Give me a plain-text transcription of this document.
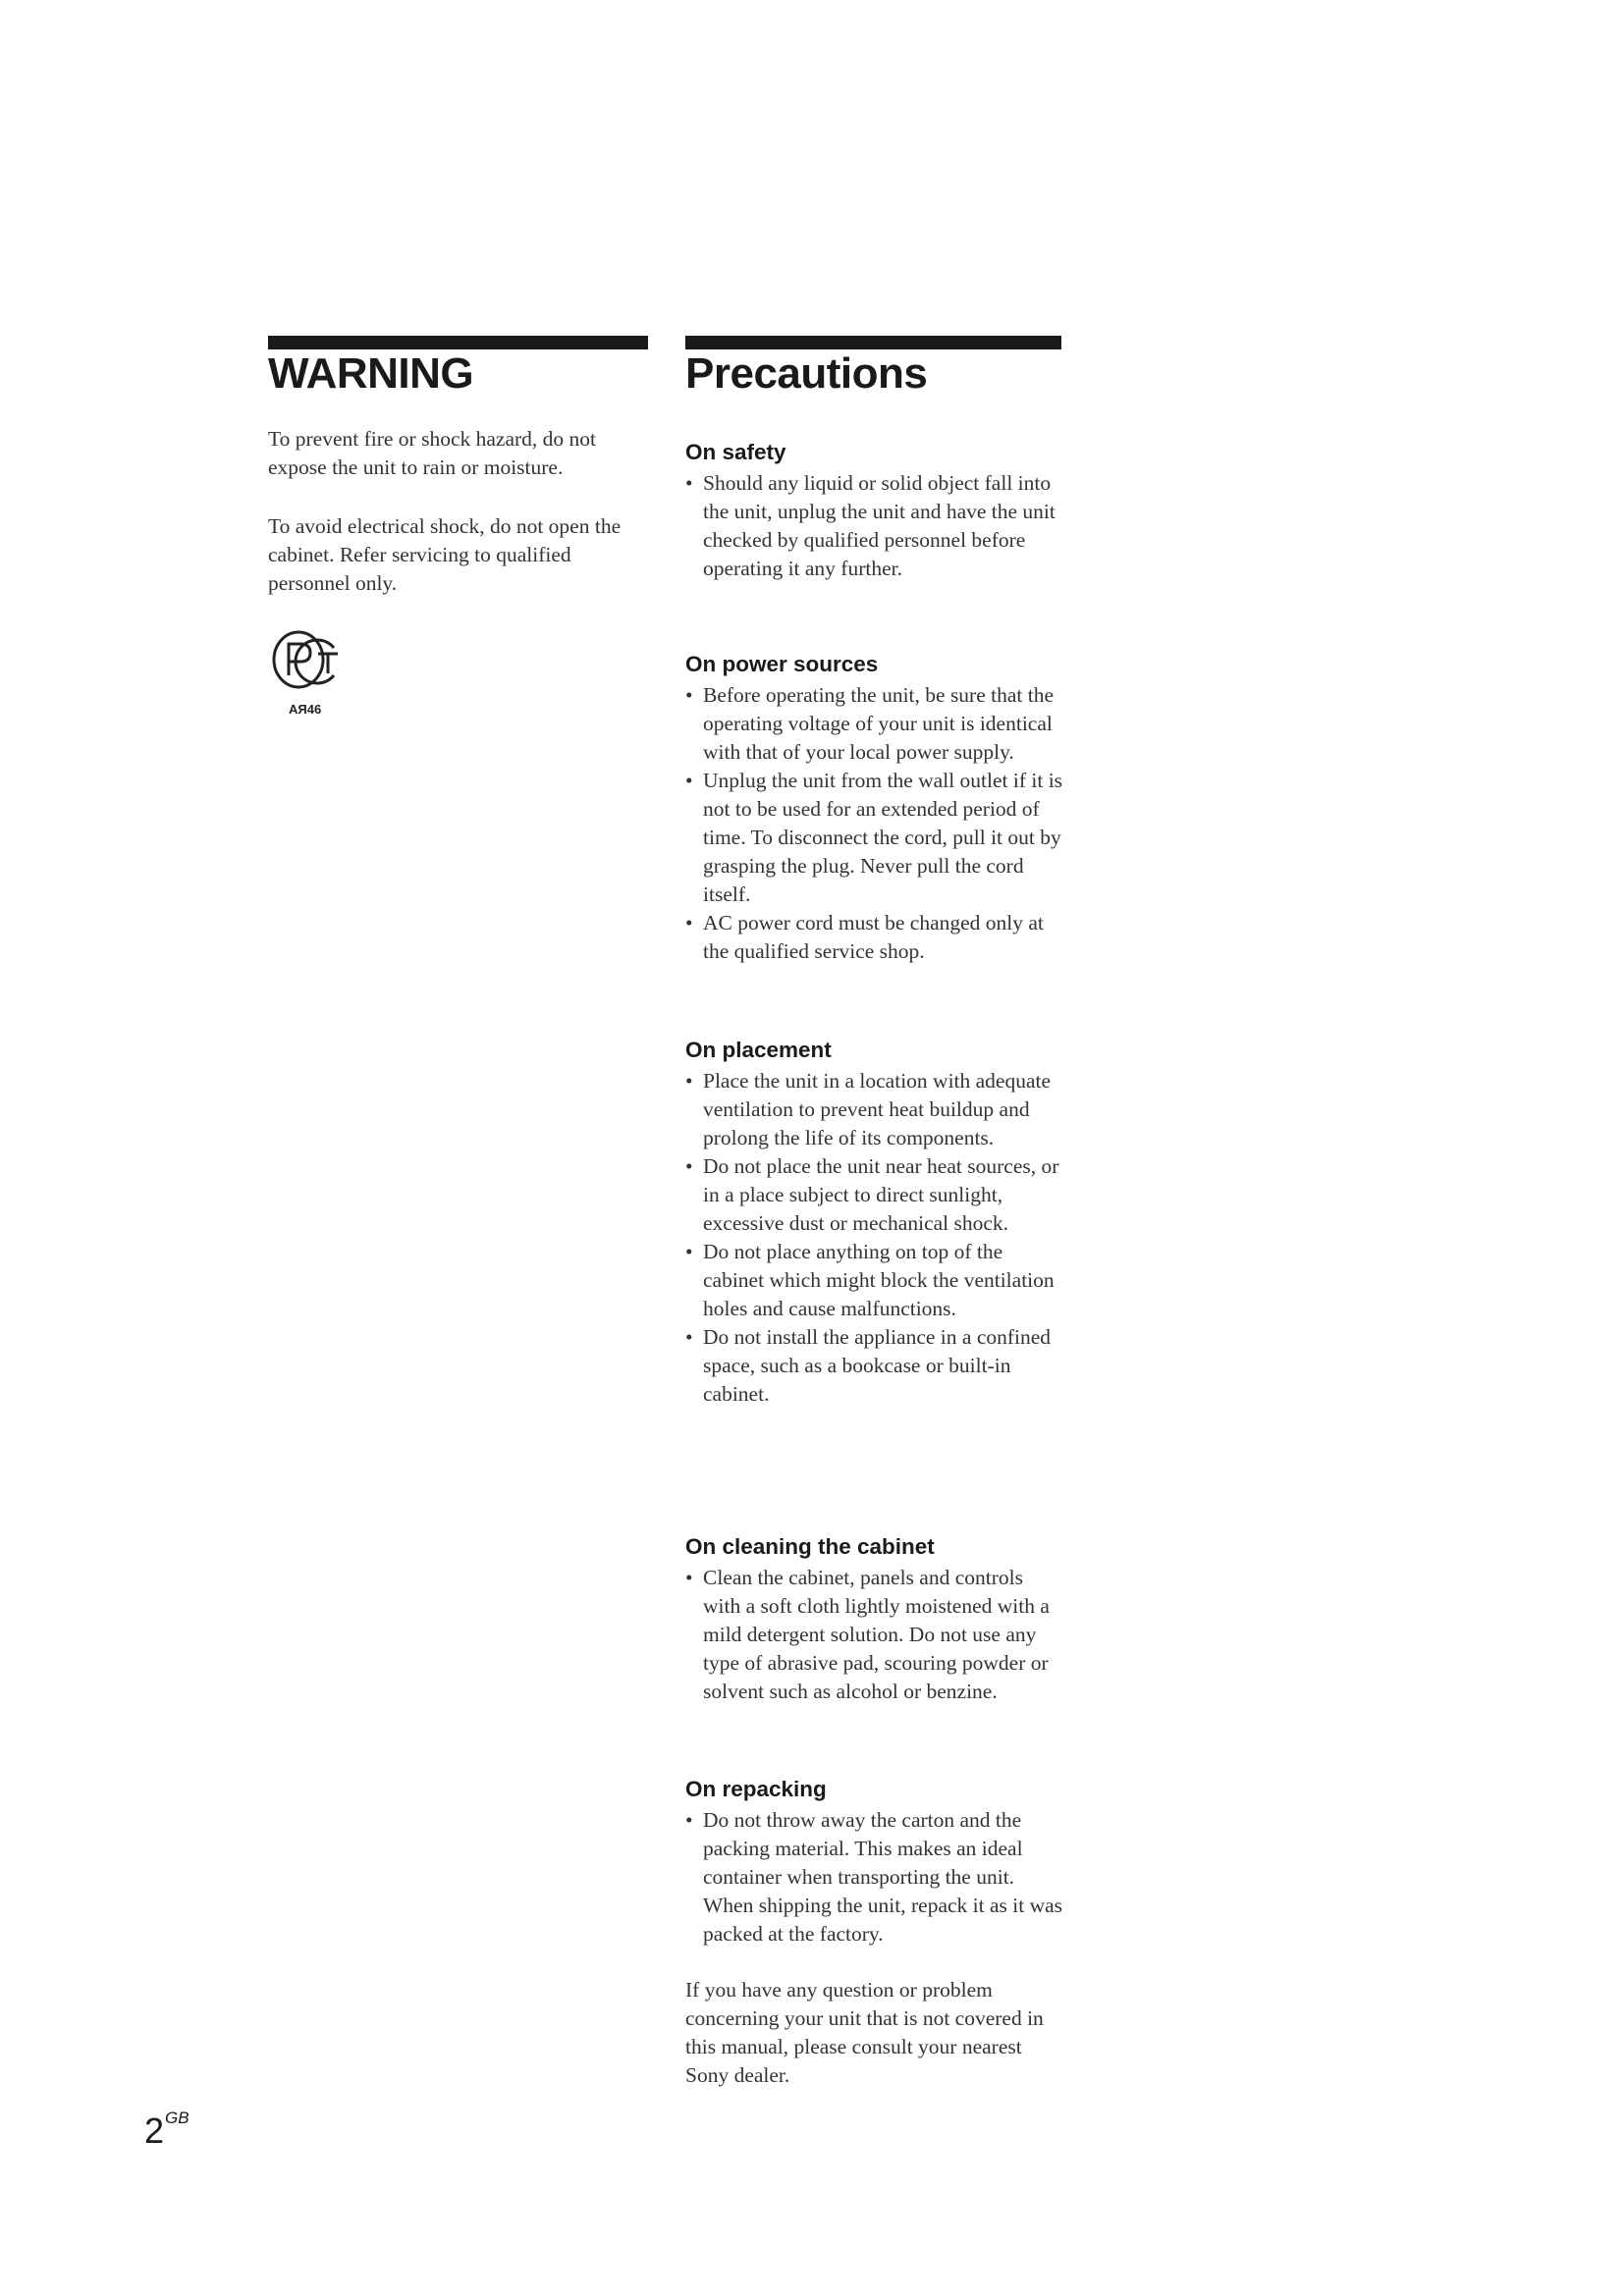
WARNING

To prevent fire or shock hazard, do not expose the unit to rain or moisture.

To avoid electrical shock, do not open the cabinet. Refer servicing to qualified personnel only.

АЯ46
Precautions
On safety
• Should any liquid or solid object fall into the unit, unplug the unit and have the unit checked by qualified personnel before operating it any further.
On power sources
• Before operating the unit, be sure that the operating voltage of your unit is identical with that of your local power supply.
• Unplug the unit from the wall outlet if it is not to be used for an extended period of time. To disconnect the cord, pull it out by grasping the plug. Never pull the cord itself.
• AC power cord must be changed only at the qualified service shop.
On placement
• Place the unit in a location with adequate ventilation to prevent heat buildup and prolong the life of its components.
• Do not place the unit near heat sources, or in a place subject to direct sunlight, excessive dust or mechanical shock.
• Do not place anything on top of the cabinet which might block the ventilation holes and cause malfunctions.
• Do not install the appliance in a confined space, such as a bookcase or built-in cabinet.
On cleaning the cabinet
• Clean the cabinet, panels and controls with a soft cloth lightly moistened with a mild detergent solution. Do not use any type of abrasive pad, scouring powder or solvent such as alcohol or benzine.
On repacking
• Do not throw away the carton and the packing material. This makes an ideal container when transporting the unit. When shipping the unit, repack it as it was packed at the factory.

If you have any question or problem concerning your unit that is not covered in this manual, please consult your nearest Sony dealer.

$2^{GB}$
